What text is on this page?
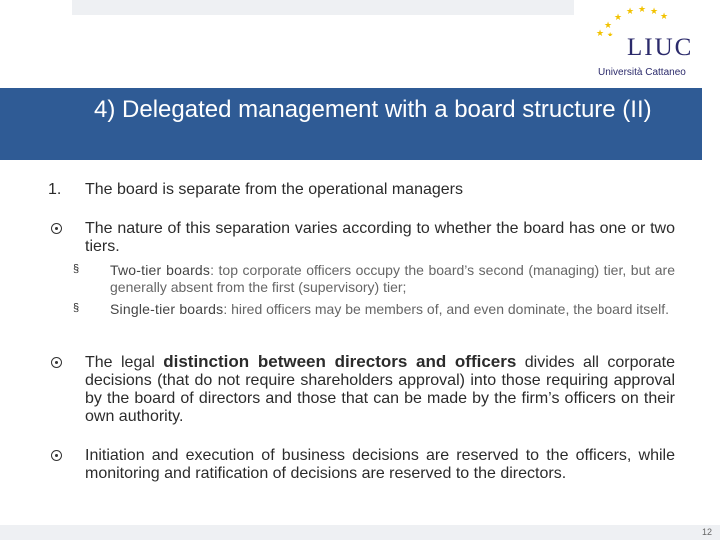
★ ★ ★ ★
★
★
★ ★ LIUC
Università Cattaneo
4) Delegated management with a board structure (II)
1. The board is separate from the operational managers
The nature of this separation varies according to whether the board has one or two tiers.
§ Two-tier boards: top corporate officers occupy the board’s second (managing) tier, but are generally absent from the first (supervisory) tier;
§ Single-tier boards: hired officers may be members of, and even dominate, the board itself.
The legal distinction between directors and officers divides all corporate decisions (that do not require shareholders approval) into those requiring approval by the board of directors and those that can be made by the firm’s officers on their own authority.
Initiation and execution of business decisions are reserved to the officers, while monitoring and ratification of decisions are reserved to the directors.
12
